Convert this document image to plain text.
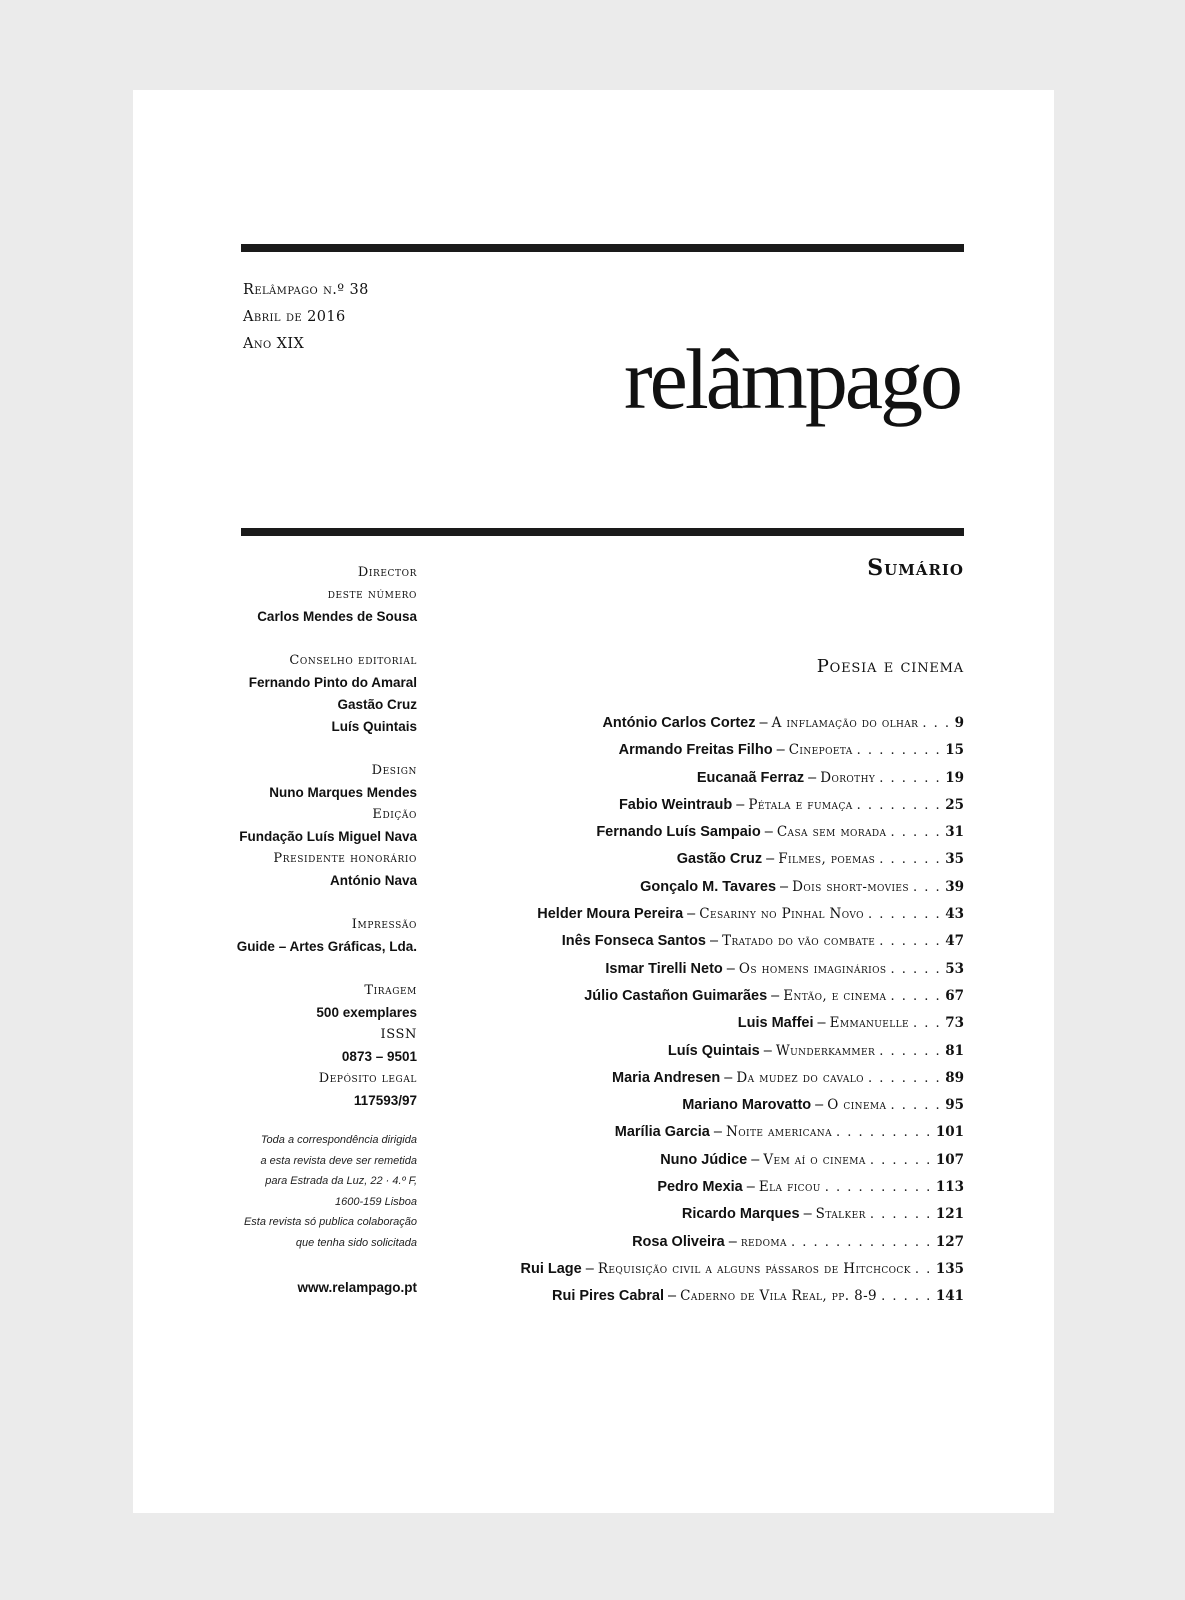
Relâmpago n.º 38
Abril de 2016
Ano XIX	relâmpago
Director
deste número
Carlos Mendes de Sousa
Conselho editorial
Fernando Pinto do Amaral
Gastão Cruz
Luís Quintais
Design
Nuno Marques Mendes
Edição
Fundação Luís Miguel Nava
Presidente honorário
António Nava
Impressão
Guide – Artes Gráficas, Lda.
Tiragem
500 exemplares
ISSN
0873 – 9501
Depósito legal
117593/97
Toda a correspondência dirigida
a esta revista deve ser remetida
para Estrada da Luz, 22 · 4.º F,
1600-159 Lisboa
Esta revista só publica colaboração
que tenha sido solicitada
www.relampago.pt
Sumário
Poesia e cinema
António Carlos Cortez – A inflamação do olhar . . . 9
Armando Freitas Filho – Cinepoeta . . . . . . . . 15
Eucanaã Ferraz – Dorothy . . . . . . 19
Fabio Weintraub – Pétala e fumaça . . . . . . . . 25
Fernando Luís Sampaio – Casa sem morada . . . . . 31
Gastão Cruz – Filmes, poemas . . . . . . 35
Gonçalo M. Tavares – Dois short-movies . . . 39
Helder Moura Pereira – Cesariny no Pinhal Novo . . . . . . . 43
Inês Fonseca Santos – Tratado do vão combate . . . . . . 47
Ismar Tirelli Neto – Os homens imaginários . . . . . 53
Júlio Castañon Guimarães – Então, e cinema . . . . . 67
Luis Maffei – Emmanuelle . . . 73
Luís Quintais – Wunderkammer . . . . . . 81
Maria Andresen – Da mudez do cavalo . . . . . . . 89
Mariano Marovatto – O cinema . . . . . 95
Marília Garcia – Noite americana . . . . . . . . . 101
Nuno Júdice – Vem aí o cinema . . . . . . 107
Pedro Mexia – Ela ficou . . . . . . . . . . 113
Ricardo Marques – Stalker . . . . . . 121
Rosa Oliveira – redoma . . . . . . . . . . . . . 127
Rui Lage – Requisição civil a alguns pássaros de Hitchcock . . 135
Rui Pires Cabral – Caderno de Vila Real, pp. 8-9 . . . . . 141
